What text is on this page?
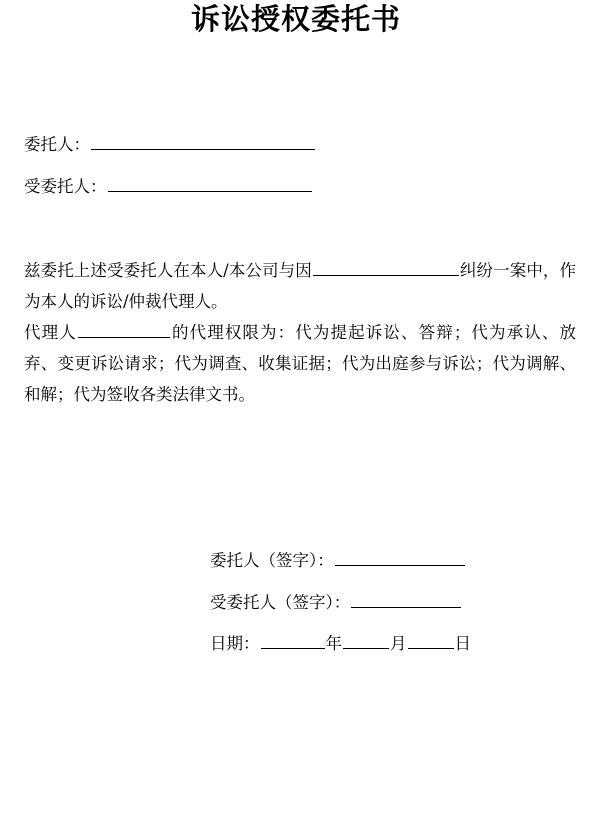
诉讼授权委托书
委托人：
受委托人：
兹委托上述受委托人在本人/本公司与因	纠纷一案中，作为本人的诉讼/仲裁代理人。
代理人	的代理权限为：代为提起诉讼、答辩；代为承认、放弃、变更诉讼请求；代为调查、收集证据；代为出庭参与诉讼；代为调解、和解；代为签收各类法律文书。
委托人（签字）：
受委托人（签字）：
日期：	年	月	日
